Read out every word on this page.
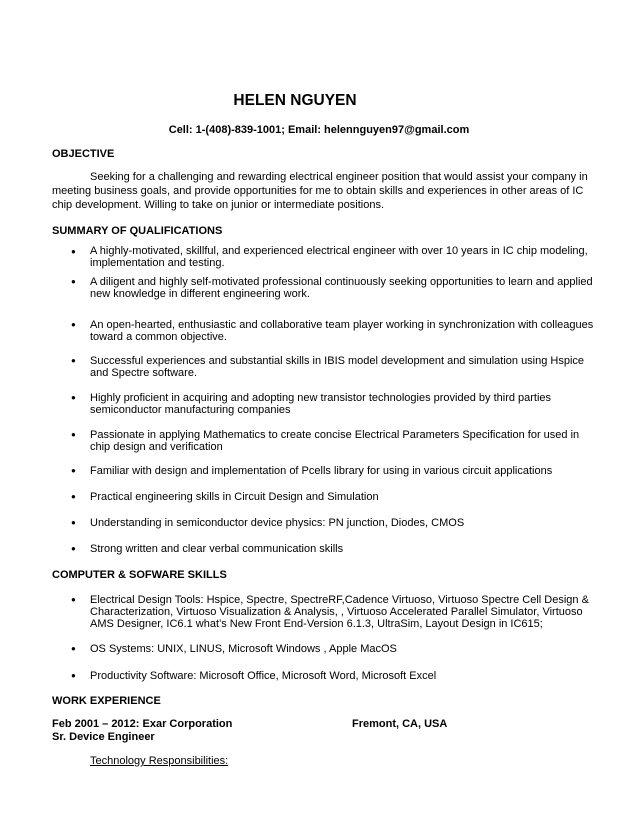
HELEN NGUYEN
Cell: 1-(408)-839-1001; Email: helennguyen97@gmail.com
OBJECTIVE
Seeking for a challenging and rewarding electrical engineer position that would assist your company in meeting business goals, and provide opportunities for me to obtain skills and experiences in other areas of IC chip development. Willing to take on junior or intermediate positions.
SUMMARY OF QUALIFICATIONS
● A highly-motivated, skillful, and experienced electrical engineer with over 10 years in IC chip modeling, implementation and testing.
● A diligent and highly self-motivated professional continuously seeking opportunities to learn and applied new knowledge in different engineering work.
● An open-hearted, enthusiastic and collaborative team player working in synchronization with colleagues toward a common objective.
● Successful experiences and substantial skills in IBIS model development and simulation using Hspice and Spectre software.
● Highly proficient in acquiring and adopting new transistor technologies provided by third parties semiconductor manufacturing companies
● Passionate in applying Mathematics to create concise Electrical Parameters Specification for used in chip design and verification
● Familiar with design and implementation of Pcells library for using in various circuit applications
● Practical engineering skills in Circuit Design and Simulation
● Understanding in semiconductor device physics: PN junction, Diodes, CMOS
● Strong written and clear verbal communication skills
COMPUTER & SOFWARE SKILLS
● Electrical Design Tools: Hspice, Spectre, SpectreRF,Cadence Virtuoso, Virtuoso Spectre Cell Design & Characterization, Virtuoso Visualization & Analysis, , Virtuoso Accelerated Parallel Simulator, Virtuoso AMS Designer, IC6.1 what’s New Front End-Version 6.1.3, UltraSim, Layout Design in IC615;
● OS Systems: UNIX, LINUS, Microsoft Windows , Apple MacOS
● Productivity Software: Microsoft Office, Microsoft Word, Microsoft Excel
WORK EXPERIENCE
Feb 2001 – 2012: Exar Corporation	Fremont, CA, USA
Sr. Device Engineer
Technology Responsibilities:
